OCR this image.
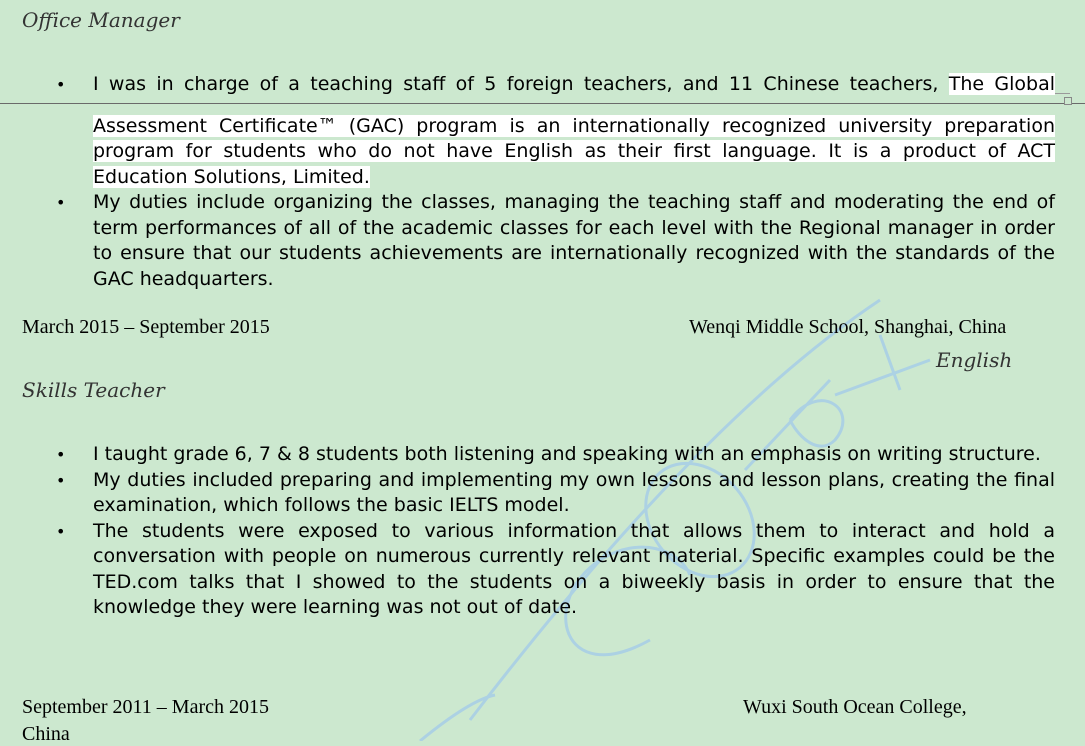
Office Manager
• I was in charge of a teaching staff of 5 foreign teachers, and 11 Chinese teachers, The Global
Assessment Certificate™ (GAC) program is an internationally recognized university preparation program for students who do not have English as their first language. It is a product of ACT Education Solutions, Limited.
• My duties include organizing the classes, managing the teaching staff and moderating the end of term performances of all of the academic classes for each level with the Regional manager in order to ensure that our students achievements are internationally recognized with the standards of the GAC headquarters.
March 2015 – September 2015	Wenqi Middle School, Shanghai, China
English
Skills Teacher
• I taught grade 6, 7 & 8 students both listening and speaking with an emphasis on writing structure.
• My duties included preparing and implementing my own lessons and lesson plans, creating the final examination, which follows the basic IELTS model.
• The students were exposed to various information that allows them to interact and hold a conversation with people on numerous currently relevant material. Specific examples could be the TED.com talks that I showed to the students on a biweekly basis in order to ensure that the knowledge they were learning was not out of date.
September 2011 – March 2015	Wuxi South Ocean College,
China
